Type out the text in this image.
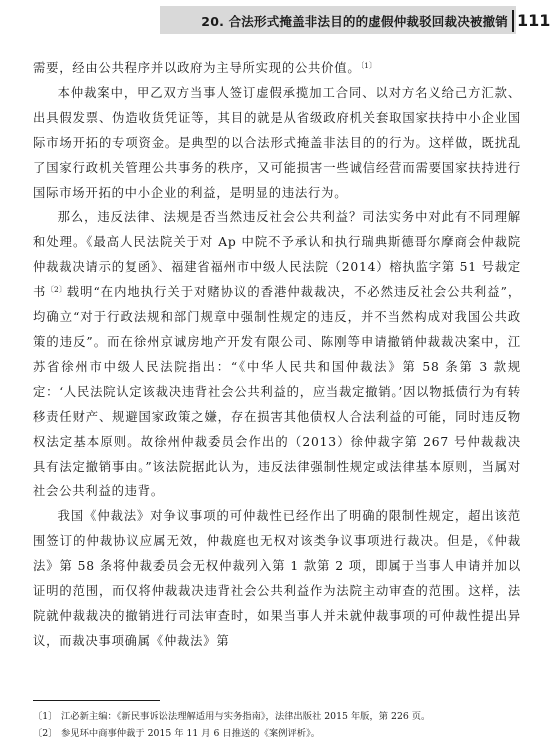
20. 合法形式掩盖非法目的的虚假仲裁驳回裁决被撤销 111

需要，经由公共程序并以政府为主导所实现的公共价值。$^{〔1〕}$

本仲裁案中，甲乙双方当事人签订虚假承揽加工合同、以对方名义给己方汇款、出具假发票、伪造收货凭证等，其目的就是从省级政府机关套取国家扶持中小企业国际市场开拓的专项资金。是典型的以合法形式掩盖非法目的的行为。这样做，既扰乱了国家行政机关管理公共事务的秩序，又可能损害一些诚信经营而需要国家扶持进行国际市场开拓的中小企业的利益，是明显的违法行为。

那么，违反法律、法规是否当然违反社会公共利益？司法实务中对此有不同理解和处理。《最高人民法院关于对 Ap 中院不予承认和执行瑞典斯德哥尔摩商会仲裁院仲裁裁决请示的复函》、福建省福州市中级人民法院（2014）榕执监字第 51 号裁定书$^{〔2〕}$载明“在内地执行关于对赌协议的香港仲裁裁决，不必然违反社会公共利益”，均确立“对于行政法规和部门规章中强制性规定的违反，并不当然构成对我国公共政策的违反”。而在徐州京诚房地产开发有限公司、陈刚等申请撤销仲裁裁决案中，江苏省徐州市中级人民法院指出：“《中华人民共和国仲裁法》第 58 条第 3 款规定：‘人民法院认定该裁决违背社会公共利益的，应当裁定撤销。’因以物抵债行为有转移责任财产、规避国家政策之嫌，存在损害其他债权人合法利益的可能，同时违反物权法定基本原则。故徐州仲裁委员会作出的（2013）徐仲裁字第 267 号仲裁裁决具有法定撤销事由。”该法院据此认为，违反法律强制性规定或法律基本原则，当属对社会公共利益的违背。

我国《仲裁法》对争议事项的可仲裁性已经作出了明确的限制性规定，超出该范围签订的仲裁协议应属无效，仲裁庭也无权对该类争议事项进行裁决。但是，《仲裁法》第 58 条将仲裁委员会无权仲裁列入第 1 款第 2 项，即属于当事人申请并加以证明的范围，而仅将仲裁裁决违背社会公共利益作为法院主动审查的范围。这样，法院就仲裁裁决的撤销进行司法审查时，如果当事人并未就仲裁事项的可仲裁性提出异议，而裁决事项确属《仲裁法》第

〔1〕 江必新主编：《新民事诉讼法理解适用与实务指南》，法律出版社 2015 年版，第 226 页。
〔2〕 参见环中商事仲裁于 2015 年 11 月 6 日推送的《案例评析》。
